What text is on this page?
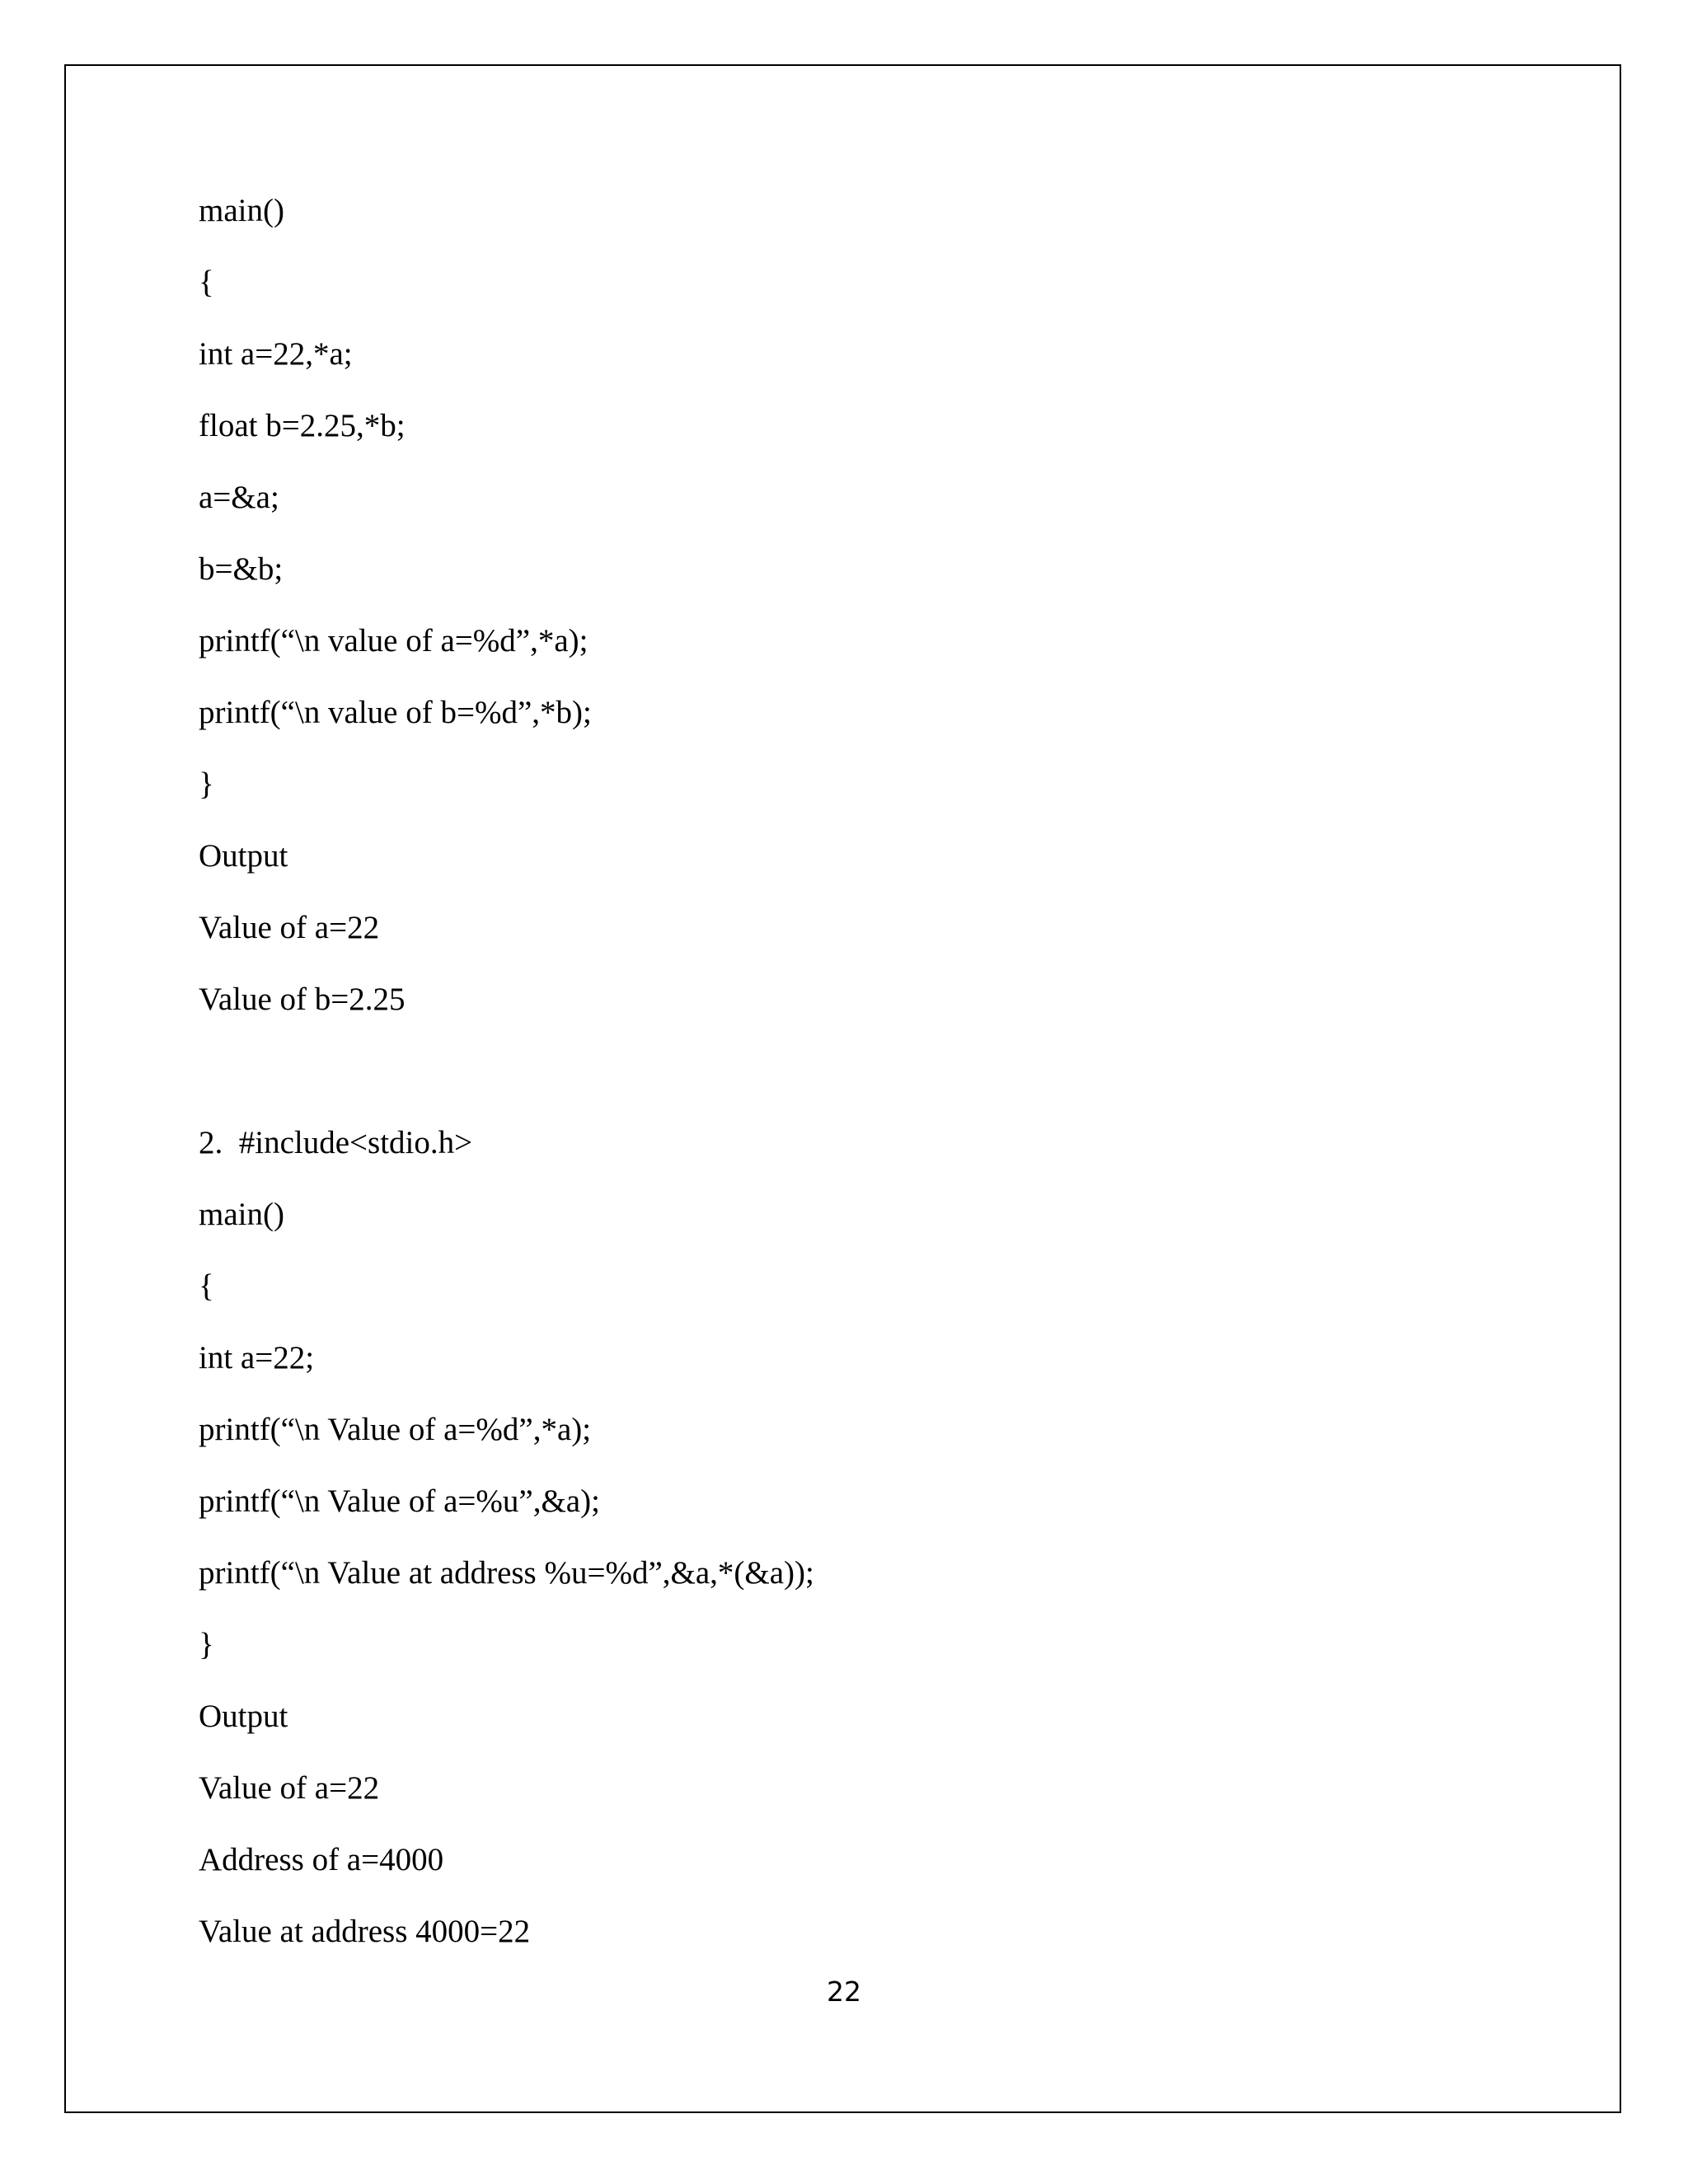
main()
{
int a=22,*a;
float b=2.25,*b;
a=&a;
b=&b;
printf(“\n value of a=%d”,*a);
printf(“\n value of b=%d”,*b);
}
Output
Value of a=22
Value of b=2.25
2.  #include<stdio.h>
main()
{
int a=22;
printf(“\n Value of a=%d”,*a);
printf(“\n Value of a=%u”,&a);
printf(“\n Value at address %u=%d”,&a,*(&a));
}
Output
Value of a=22
Address of a=4000
Value at address 4000=22
22
